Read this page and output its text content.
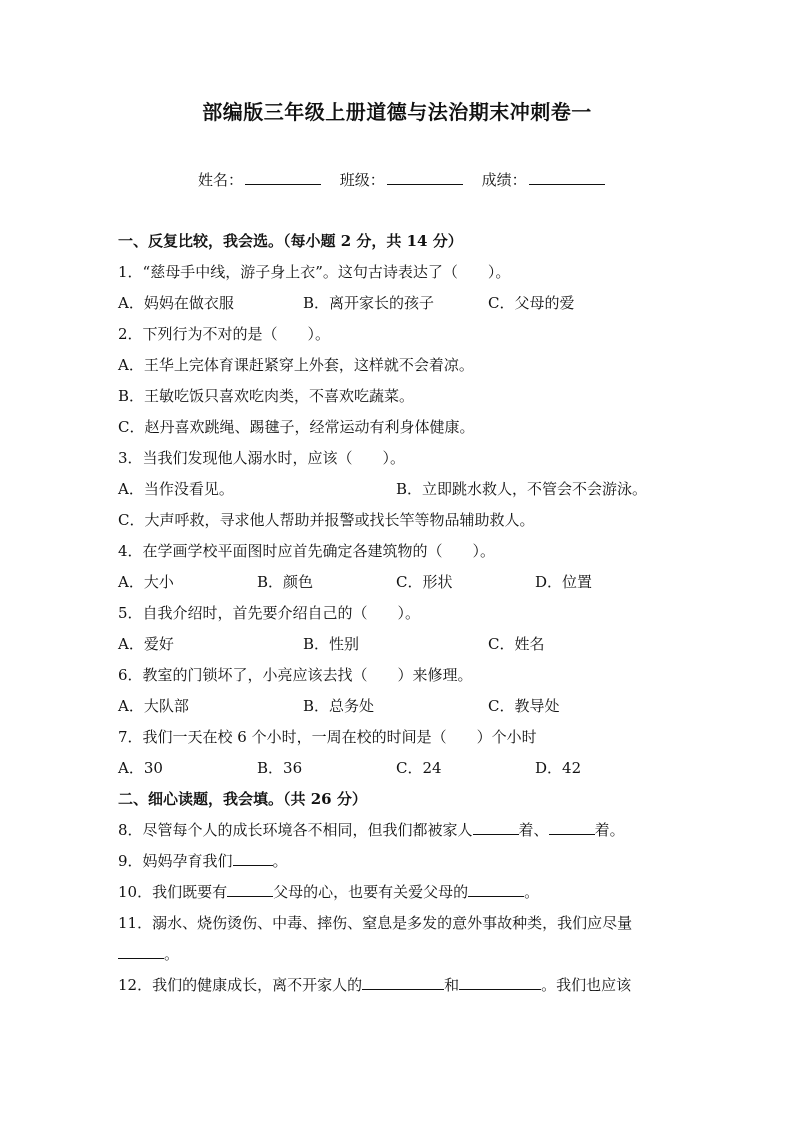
部编版三年级上册道德与法治期末冲刺卷一
姓名：	班级：	成绩：
一、反复比较，我会选。（每小题 2 分，共 14 分）
1．“慈母手中线，游子身上衣”。这句古诗表达了（　　）。
A．妈妈在做衣服	B．离开家长的孩子	C．父母的爱
2．下列行为不对的是（　　）。
A．王华上完体育课赶紧穿上外套，这样就不会着凉。
B．王敏吃饭只喜欢吃肉类，不喜欢吃蔬菜。
C．赵丹喜欢跳绳、踢毽子，经常运动有利身体健康。
3．当我们发现他人溺水时，应该（　　）。
A．当作没看见。	B．立即跳水救人，不管会不会游泳。
C．大声呼救，寻求他人帮助并报警或找长竿等物品辅助救人。
4．在学画学校平面图时应首先确定各建筑物的（　　）。
A．大小	B．颜色	C．形状	D．位置
5．自我介绍时，首先要介绍自己的（　　）。
A．爱好	B．性别	C．姓名
6．教室的门锁坏了，小亮应该去找（　　）来修理。
A．大队部	B．总务处	C．教导处
7．我们一天在校 6 个小时，一周在校的时间是（　　）个小时
A．30	B．36	C．24	D．42
二、细心读题，我会填。（共 26 分）
8．尽管每个人的成长环境各不相同，但我们都被家人	着、	着。
9．妈妈孕育我们	。
10．我们既要有	父母的心，也要有关爱父母的	。
11．溺水、烧伤烫伤、中毒、摔伤、窒息是多发的意外事故种类，我们应尽量
。
12．我们的健康成长，离不开家人的	和	。我们也应该
